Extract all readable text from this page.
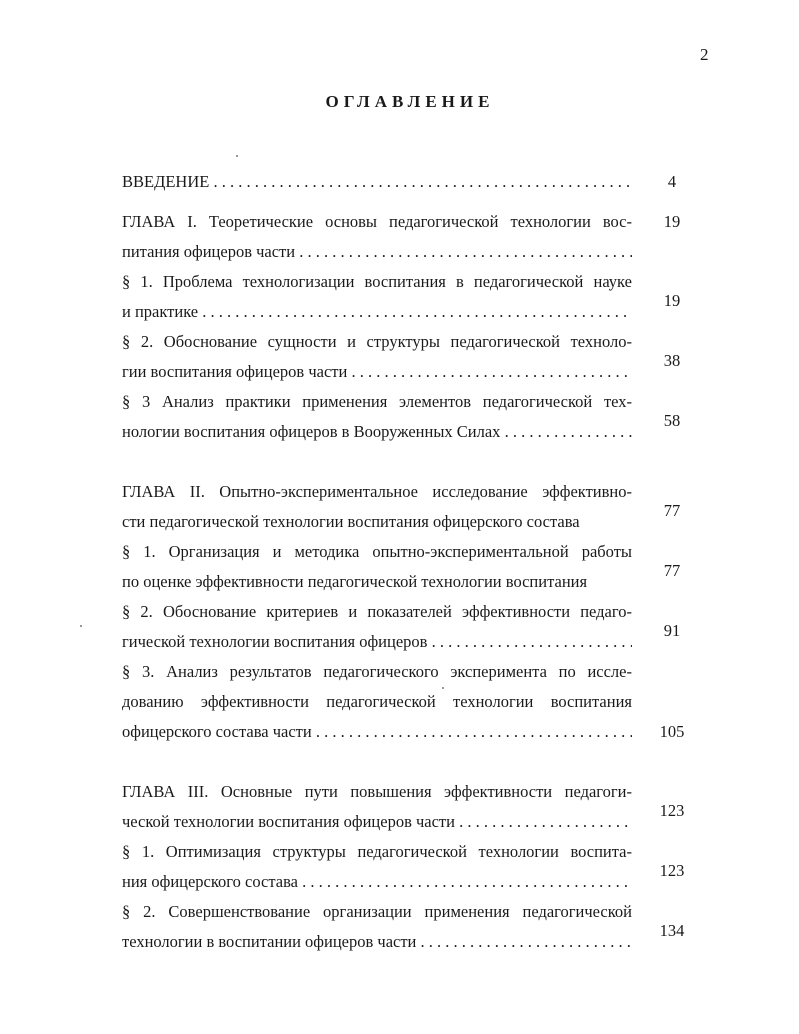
2
ОГЛАВЛЕНИЕ
ВВЕДЕНИЕ . . .	4
ГЛАВА I. Теоретические основы педагогической технологии вос-
питания офицеров части . . .
19
§ 1. Проблема технологизации воспитания в педагогической науке
и практике . . .
19
§ 2. Обоснование сущности и структуры педагогической техноло-
гии воспитания офицеров части . . .
38
§ 3 Анализ практики применения элементов педагогической тех-
нологии воспитания офицеров в Вооруженных Силах . . .
58
ГЛАВА II. Опытно-экспериментальное исследование эффективно-
сти педагогической технологии воспитания офицерского состава
77
§ 1. Организация и методика опытно-экспериментальной работы
по оценке эффективности педагогической технологии воспитания
77
§ 2. Обоснование критериев и показателей эффективности педаго-
гической технологии воспитания офицеров . . .
91
§ 3. Анализ результатов педагогического эксперимента по иссле-
дованию эффективности педагогической технологии воспитания
офицерского состава части . . .	105
ГЛАВА III. Основные пути повышения эффективности педагоги-
ческой технологии воспитания офицеров части . . .
123
§ 1. Оптимизация структуры педагогической технологии воспита-
ния офицерского состава . . .
123
§ 2. Совершенствование организации применения педагогической
технологии в воспитании офицеров части . . .
134
